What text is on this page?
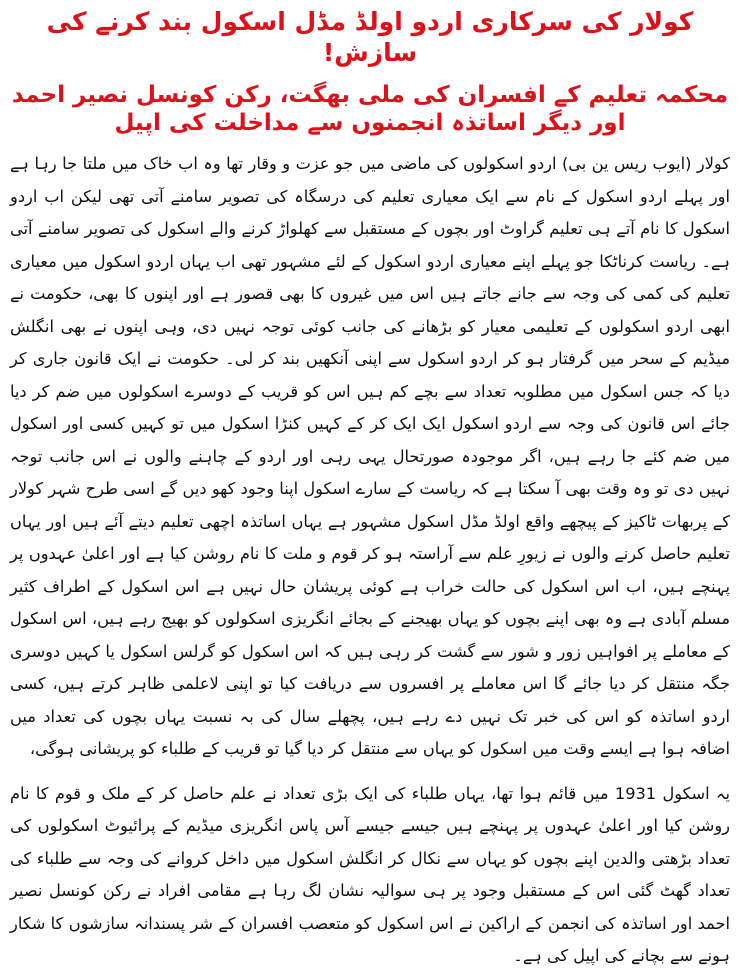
کولار کی سرکاری اردو اولڈ مڈل اسکول بند کرنے کی سازش!
محکمہ تعلیم کے افسران کی ملی بھگت، رکن کونسل نصیر احمد اور دیگر اساتذہ انجمنوں سے مداخلت کی اپیل

کولار (ایوب ریس ین بی) اردو اسکولوں کی ماضی میں جو عزت و وقار تھا وہ اب خاک میں ملتا جا رہا ہے اور پہلے اردو اسکول کے نام سے ایک معیاری تعلیم کی درسگاہ کی تصویر سامنے آتی تھی لیکن اب اردو اسکول کا نام آتے ہی تعلیم گراوٹ اور بچوں کے مستقبل سے کھلواڑ کرنے والے اسکول کی تصویر سامنے آتی ہے۔ ریاست کرناٹکا جو پہلے اپنے معیاری اردو اسکول کے لئے مشہور تھی اب یہاں اردو اسکول میں معیاری تعلیم کی کمی کی وجہ سے جانے جاتے ہیں اس میں غیروں کا بھی قصور ہے اور اپنوں کا بھی، حکومت نے ابھی اردو اسکولوں کے تعلیمی معیار کو بڑھانے کی جانب کوئی توجہ نہیں دی، وہی اپنوں نے بھی انگلش میڈیم کے سحر میں گرفتار ہو کر اردو اسکول سے اپنی آنکھیں بند کر لی۔ حکومت نے ایک قانون جاری کر دیا کہ جس اسکول میں مطلوبہ تعداد سے بچے کم ہیں اس کو قریب کے دوسرے اسکولوں میں ضم کر دیا جائے اس قانون کی وجہ سے اردو اسکول ایک ایک کر کے کہیں کنڑا اسکول میں تو کہیں کسی اور اسکول میں ضم کئے جا رہے ہیں، اگر موجودہ صورتحال یہی رہی اور اردو کے چاہنے والوں نے اس جانب توجہ نہیں دی تو وہ وقت بھی آ سکتا ہے کہ ریاست کے سارے اسکول اپنا وجود کھو دیں گے اسی طرح شہر کولار کے پربھات ٹاکیز کے پیچھے واقع اولڈ مڈل اسکول مشہور ہے یہاں اساتذہ اچھی تعلیم دیتے آئے ہیں اور یہاں تعلیم حاصل کرنے والوں نے زیورِ علم سے آراستہ ہو کر قوم و ملت کا نام روشن کیا ہے اور اعلیٰ عہدوں پر پہنچے ہیں، اب اس اسکول کی حالت خراب ہے کوئی پریشان حال نہیں ہے اس اسکول کے اطراف کثیر مسلم آبادی ہے وہ بھی اپنے بچوں کو یہاں بھیجنے کے بجائے انگریزی اسکولوں کو بھیج رہے ہیں، اس اسکول کے معاملے پر افواہیں زور و شور سے گشت کر رہی ہیں کہ اس اسکول کو گرلس اسکول یا کہیں دوسری جگہ منتقل کر دیا جائے گا اس معاملے پر افسروں سے دریافت کیا تو اپنی لاعلمی ظاہر کرتے ہیں، کسی اردو اساتذہ کو اس کی خبر تک نہیں دے رہے ہیں، پچھلے سال کی بہ نسبت یہاں بچوں کی تعداد میں اضافہ ہوا ہے ایسے وقت میں اسکول کو یہاں سے منتقل کر دیا گیا تو قریب کے طلباء کو پریشانی ہوگی،

یہ اسکول 1931 میں قائم ہوا تھا، یہاں طلباء کی ایک بڑی تعداد نے علم حاصل کر کے ملک و قوم کا نام روشن کیا اور اعلیٰ عہدوں پر پہنچے ہیں جیسے جیسے آس پاس انگریزی میڈیم کے پرائیوٹ اسکولوں کی تعداد بڑھتی والدین اپنے بچوں کو یہاں سے نکال کر انگلش اسکول میں داخل کروانے کی وجہ سے طلباء کی تعداد گھٹ گئی اس کے مستقبل وجود پر ہی سوالیہ نشان لگ رہا ہے مقامی افراد نے رکن کونسل نصیر احمد اور اساتذہ کی انجمن کے اراکین نے اس اسکول کو متعصب افسران کے شر پسندانہ سازشوں کا شکار ہونے سے بچانے کی اپیل کی ہے۔
